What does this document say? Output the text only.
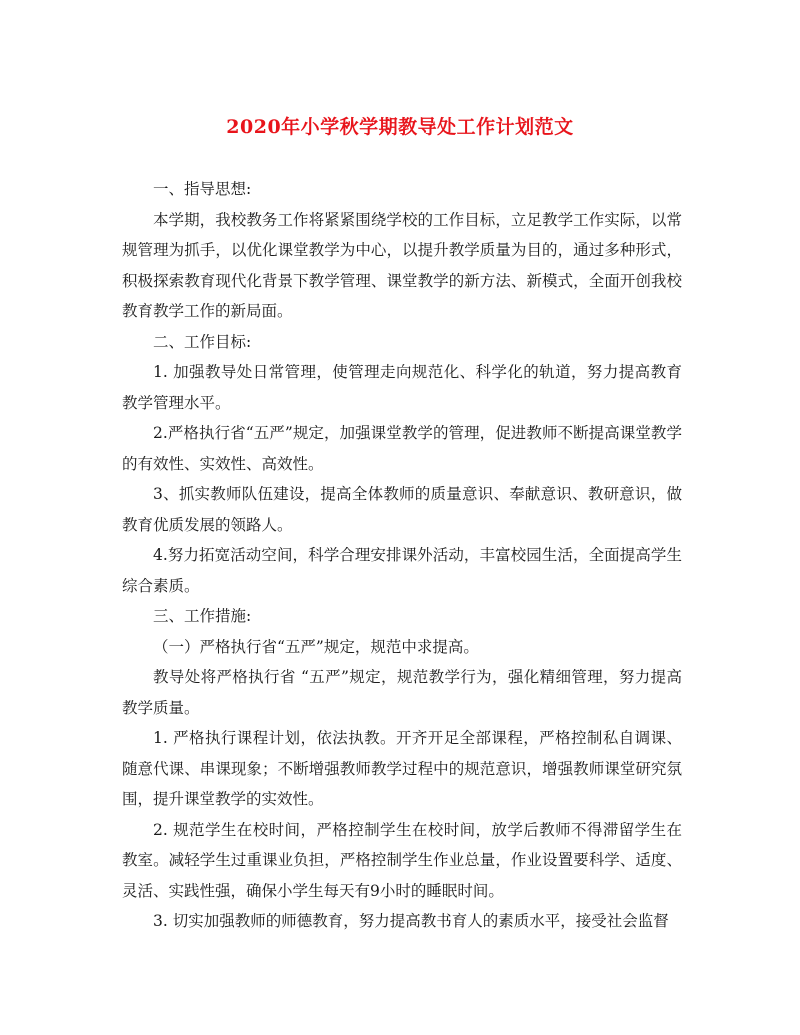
2020年小学秋学期教导处工作计划范文

一、指导思想:

本学期，我校教务工作将紧紧围绕学校的工作目标，立足教学工作实际，以常规管理为抓手，以优化课堂教学为中心，以提升教学质量为目的，通过多种形式，积极探索教育现代化背景下教学管理、课堂教学的新方法、新模式，全面开创我校教育教学工作的新局面。

二、工作目标:

1. 加强教导处日常管理，使管理走向规范化、科学化的轨道，努力提高教育教学管理水平。

2.严格执行省“五严”规定，加强课堂教学的管理，促进教师不断提高课堂教学的有效性、实效性、高效性。

3、抓实教师队伍建设，提高全体教师的质量意识、奉献意识、教研意识，做教育优质发展的领路人。

4.努力拓宽活动空间，科学合理安排课外活动，丰富校园生活，全面提高学生综合素质。

三、工作措施:

（一）严格执行省“五严”规定，规范中求提高。

教导处将严格执行省 “五严”规定，规范教学行为，强化精细管理，努力提高教学质量。

1. 严格执行课程计划，依法执教。开齐开足全部课程，严格控制私自调课、随意代课、串课现象；不断增强教师教学过程中的规范意识，增强教师课堂研究氛围，提升课堂教学的实效性。

2. 规范学生在校时间，严格控制学生在校时间，放学后教师不得滞留学生在教室。减轻学生过重课业负担，严格控制学生作业总量，作业设置要科学、适度、灵活、实践性强，确保小学生每天有9小时的睡眠时间。

3. 切实加强教师的师德教育，努力提高教书育人的素质水平，接受社会监督
